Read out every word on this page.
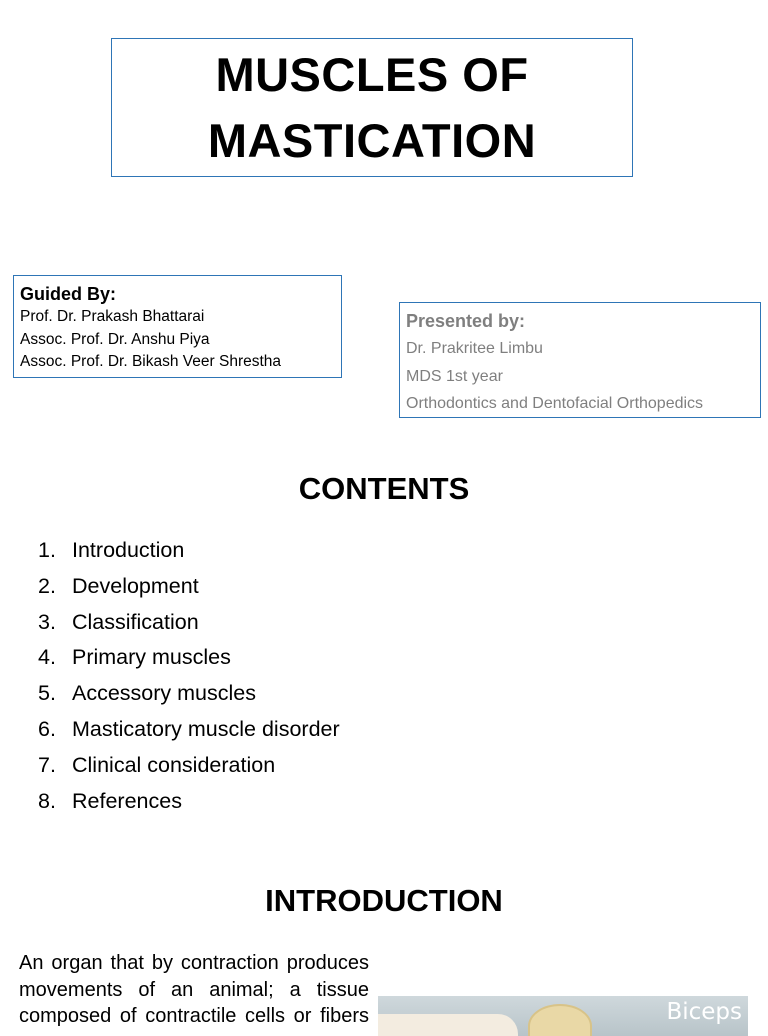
MUSCLES OF
MASTICATION
Guided By:
Prof. Dr. Prakash Bhattarai
Assoc. Prof. Dr. Anshu Piya
Assoc. Prof. Dr. Bikash Veer Shrestha
Presented by:
Dr. Prakritee Limbu
MDS 1st year
Orthodontics and Dentofacial Orthopedics
CONTENTS
1. Introduction
2. Development
3. Classification
4. Primary muscles
5. Accessory muscles
6. Masticatory muscle disorder
7. Clinical consideration
8. References
INTRODUCTION
An organ that by contraction produces
movements of an animal; a tissue
composed of contractile cells or fibers	Biceps
